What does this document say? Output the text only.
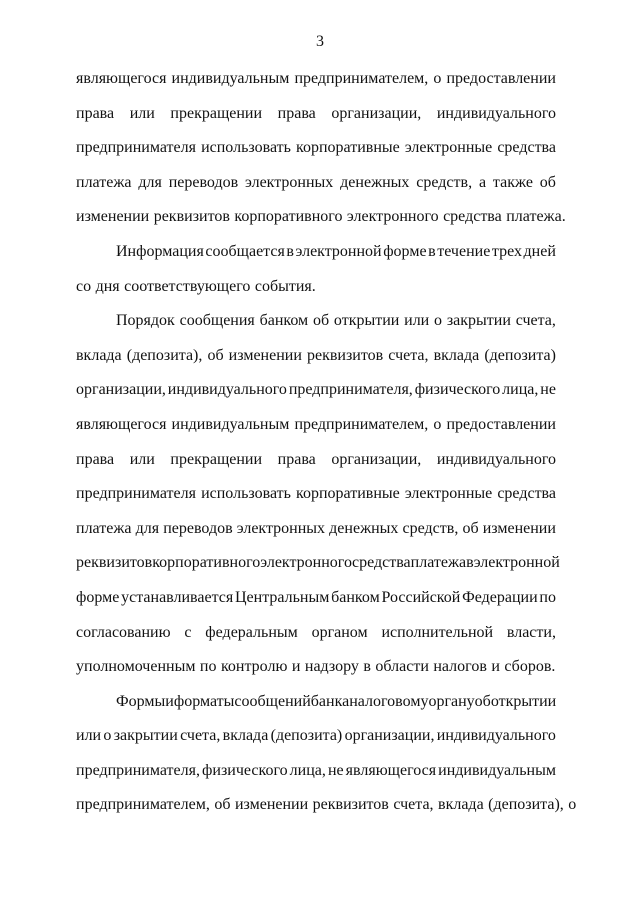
3
являющегося индивидуальным предпринимателем, о предоставлении
права или прекращении права организации, индивидуального
предпринимателя использовать корпоративные электронные средства
платежа для переводов электронных денежных средств, а также об
изменении реквизитов корпоративного электронного средства платежа.
Информация сообщается в электронной форме в течение трех дней
со дня соответствующего события.
Порядок сообщения банком об открытии или о закрытии счета,
вклада (депозита), об изменении реквизитов счета, вклада (депозита)
организации, индивидуального предпринимателя, физического лица, не
являющегося индивидуальным предпринимателем, о предоставлении
права или прекращении права организации, индивидуального
предпринимателя использовать корпоративные электронные средства
платежа для переводов электронных денежных средств, об изменении
реквизитов корпоративного электронного средства платежа в электронной
форме устанавливается Центральным банком Российской Федерации по
согласованию с федеральным органом исполнительной власти,
уполномоченным по контролю и надзору в области налогов и сборов.
Формы и форматы сообщений банка налоговому органу об открытии
или о закрытии счета, вклада (депозита) организации, индивидуального
предпринимателя, физического лица, не являющегося индивидуальным
предпринимателем, об изменении реквизитов счета, вклада (депозита), о
